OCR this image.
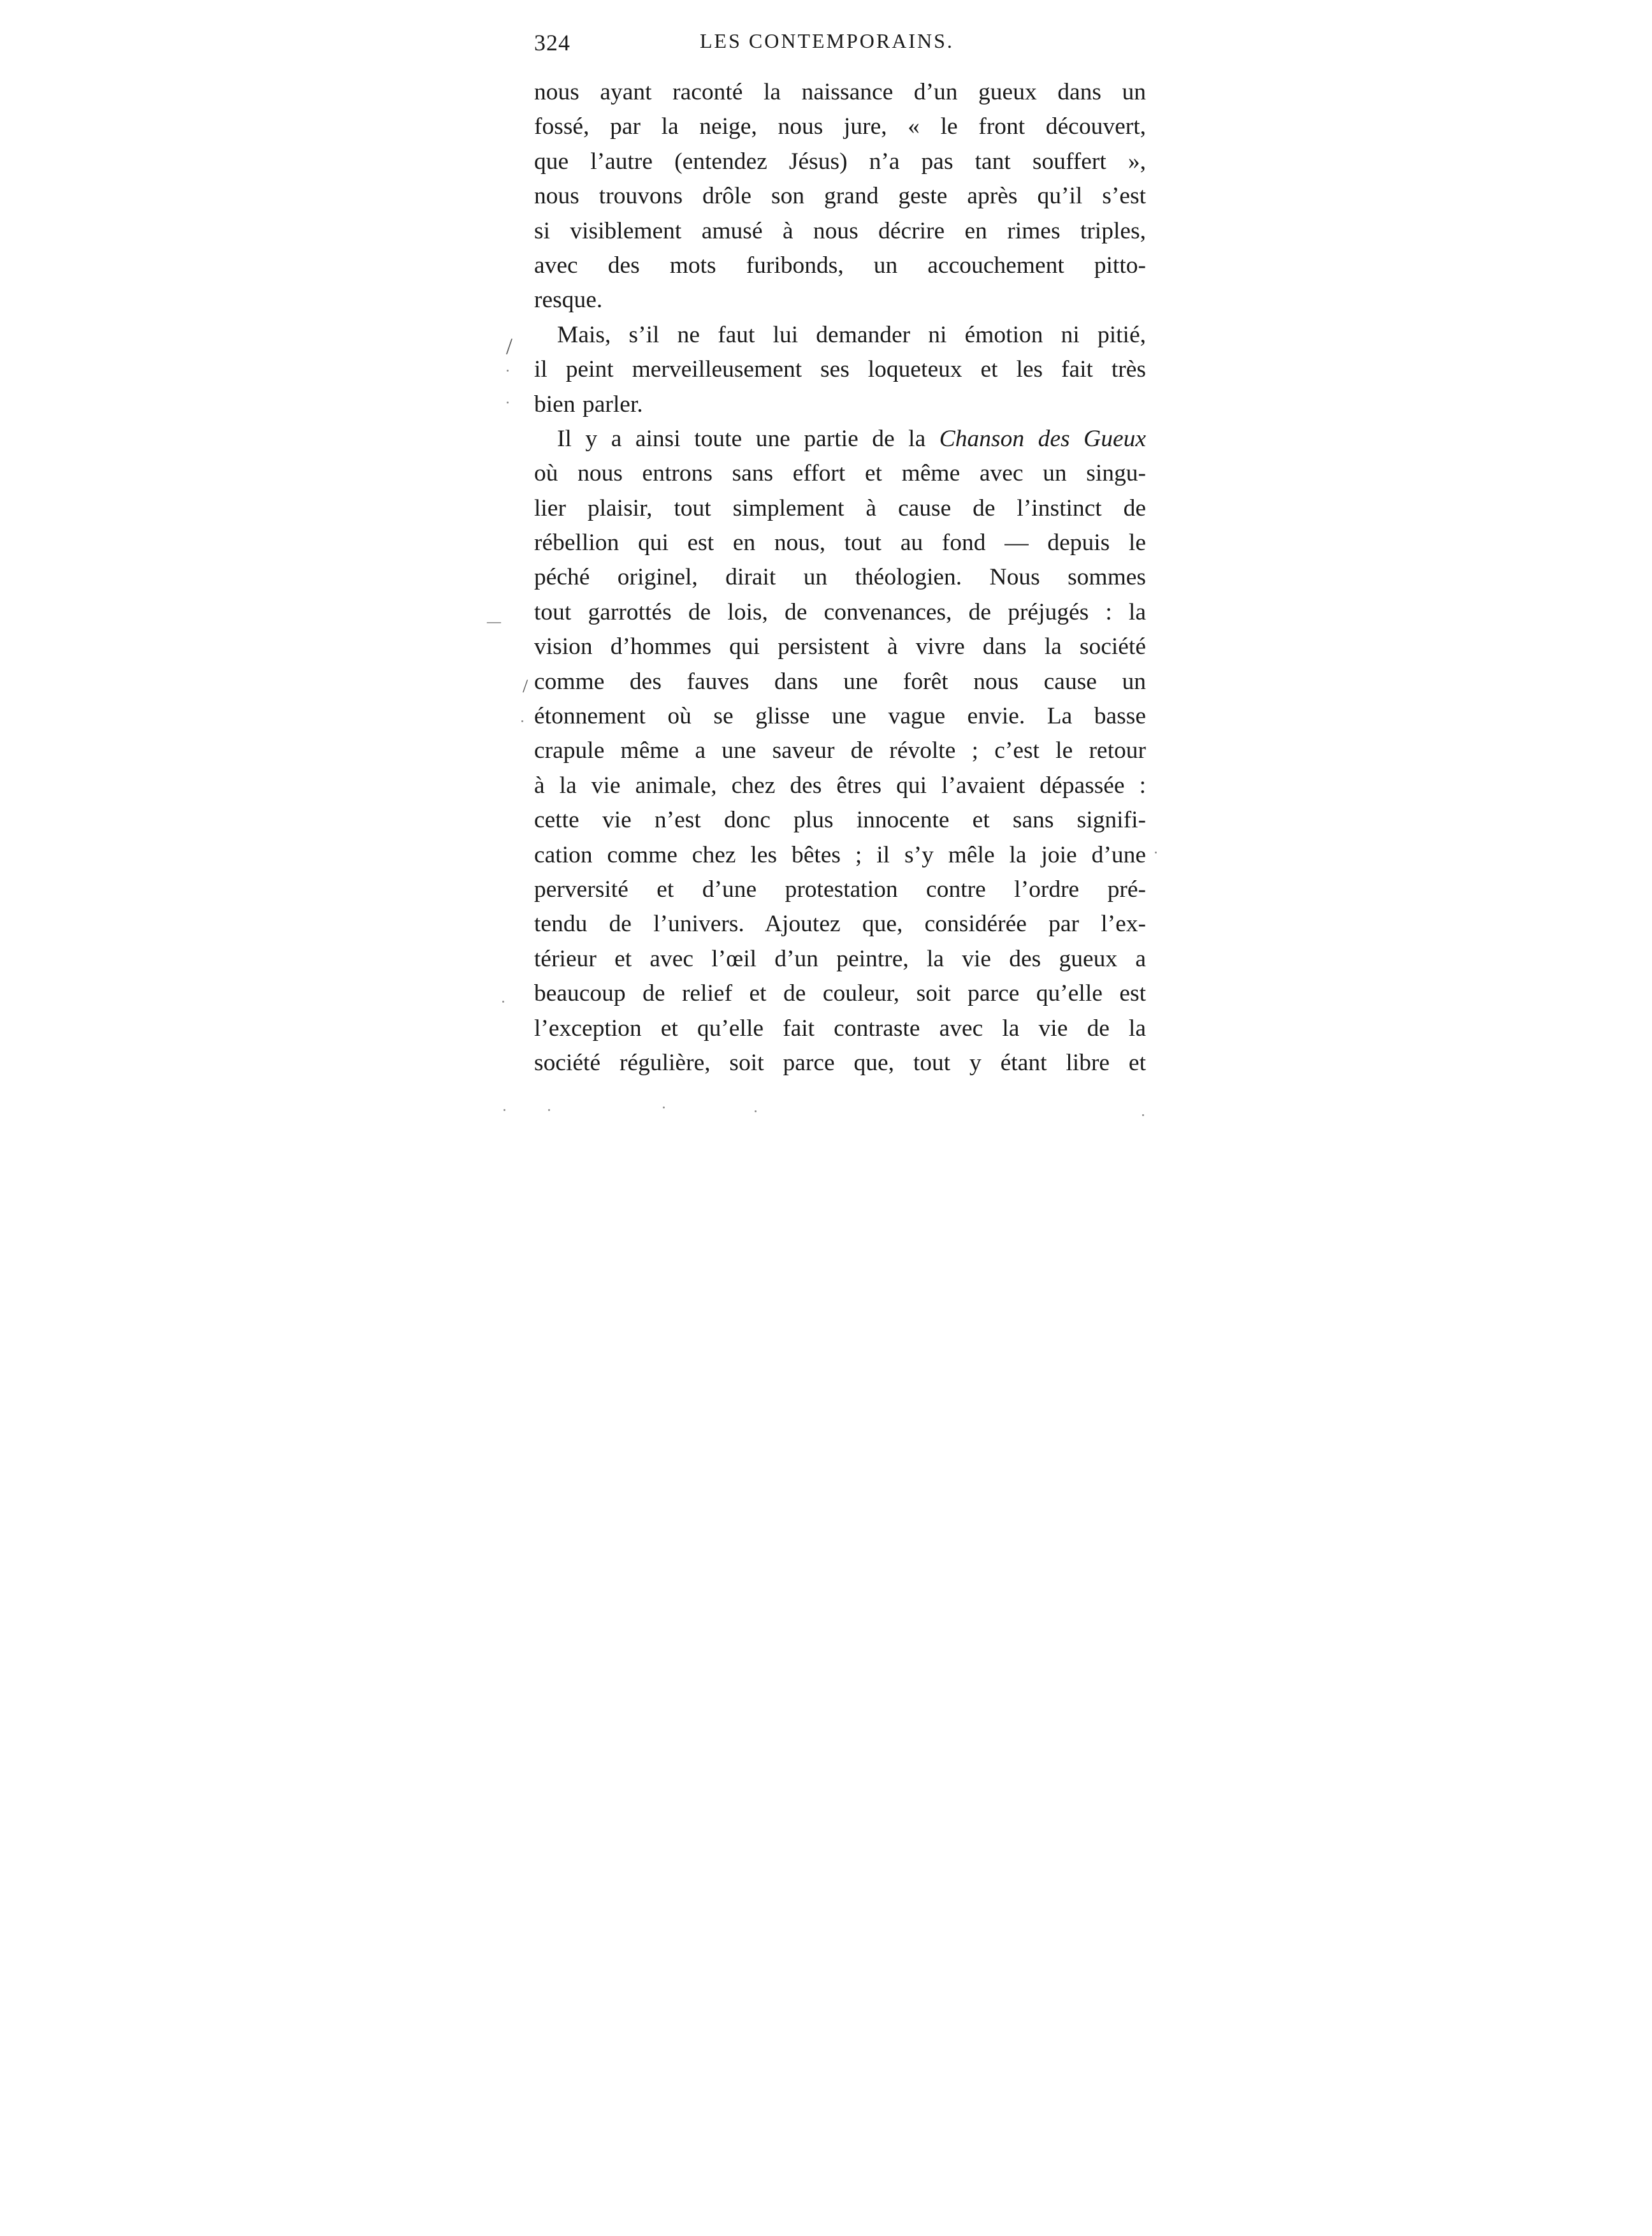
324	LES CONTEMPORAINS.
nous ayant raconté la naissance d’un gueux dans un
fossé, par la neige, nous jure, « le front découvert,
que l’autre (entendez Jésus) n’a pas tant souffert »,
nous trouvons drôle son grand geste après qu’il s’est
si visiblement amusé à nous décrire en rimes triples,
avec des mots furibonds, un accouchement pitto-
resque.
Mais, s’il ne faut lui demander ni émotion ni pitié,
il peint merveilleusement ses loqueteux et les fait très
bien parler.
Il y a ainsi toute une partie de la Chanson des Gueux
où nous entrons sans effort et même avec un singu-
lier plaisir, tout simplement à cause de l’instinct de
rébellion qui est en nous, tout au fond — depuis le
péché originel, dirait un théologien. Nous sommes
tout garrottés de lois, de convenances, de préjugés : la
vision d’hommes qui persistent à vivre dans la société
comme des fauves dans une forêt nous cause un
étonnement où se glisse une vague envie. La basse
crapule même a une saveur de révolte ; c’est le retour
à la vie animale, chez des êtres qui l’avaient dépassée :
cette vie n’est donc plus innocente et sans signifi-
cation comme chez les bêtes ; il s’y mêle la joie d’une
perversité et d’une protestation contre l’ordre pré-
tendu de l’univers. Ajoutez que, considérée par l’ex-
térieur et avec l’œil d’un peintre, la vie des gueux a
beaucoup de relief et de couleur, soit parce qu’elle est
l’exception et qu’elle fait contraste avec la vie de la
société régulière, soit parce que, tout y étant libre et
/
—
/
